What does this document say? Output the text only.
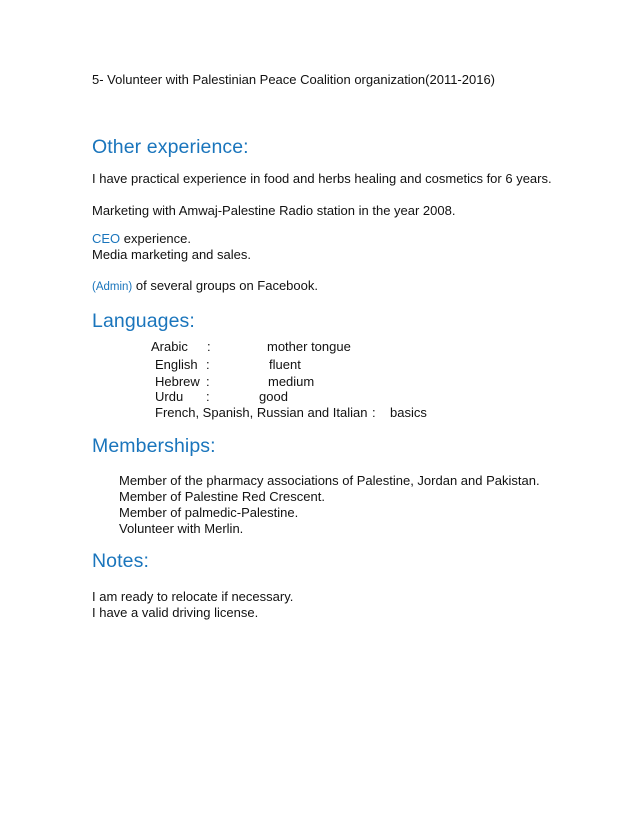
5- Volunteer with Palestinian Peace Coalition organization(2011-2016)
Other experience:
I have practical experience in food and herbs healing and cosmetics for 6 years.
Marketing with Amwaj-Palestine Radio station in the year 2008.
CEO experience.
Media marketing and sales.
(Admin) of several groups on Facebook.
Languages:
Arabic :	mother tongue
English :	fluent
Hebrew :	medium
Urdu :	good
French, Spanish, Russian and Italian : basics
Memberships:
Member of the pharmacy associations of Palestine, Jordan and Pakistan.
Member of Palestine Red Crescent.
Member of palmedic-Palestine.
Volunteer with Merlin.
Notes:
I am ready to relocate if necessary.
I have a valid driving license.
